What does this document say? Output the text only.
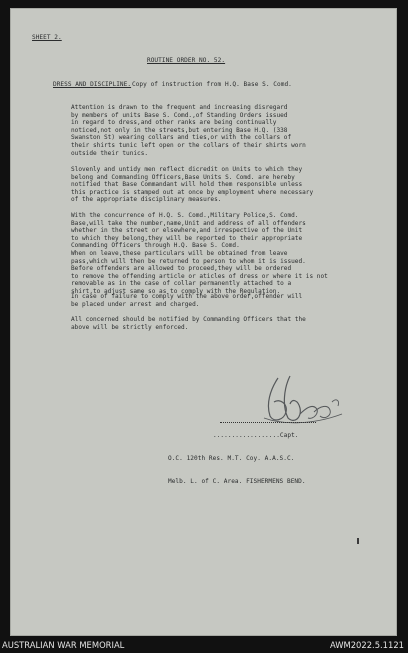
SHEET 2.

ROUTINE ORDER NO. 52.

DRESS AND DISCIPLINE. Copy of instruction from H.Q. Base S. Comd.

Attention is drawn to the frequent and increasing disregard
by members of units Base S. Comd.,of Standing Orders issued
in regard to dress,and other ranks are being continually
noticed,not only in the streets,but entering Base H.Q. (338
Swanston St) wearing collars and ties,or with the collars of
their shirts tunic left open or the collars of their shirts worn
outside their tunics.
Slovenly and untidy men reflect dicredit on Units to which they
belong and Commanding Officers,Base Units S. Comd. are hereby
notified that Base Commandant will hold them responsible unless
this practice is stamped out at once by employment where necessary
of the appropriate disciplinary measures.
With the concurrence of H.Q. S. Comd.,Military Police,S. Comd.
Base,will take the number,name,Unit and address of all offenders
whether in the street or elsewhere,and irrespective of the Unit
to which they belong,they will be reported to their appropriate
Commanding Officers through H.Q. Base S. Comd.
When on leave,these particulars will be obtained from leave
pass,which will then be returned to person to whom it is issued.
Before offenders are allowed to proceed,they will be ordered
to remove the offending article or aticles of dress or where it is not
removable as in the case of collar permanently attached to a
shirt,to adjust same so as to comply with the Regulation.
In case of failure to comply with the above order,offender will
be placed under arrest and charged.
All concerned should be notified by Commanding Officers that the
above will be strictly enforced.

..................Capt.

O.C. 120th Res. M.T. Coy. A.A.S.C.

Melb. L. of C. Area. FISHERMENS BEND.

AUSTRALIAN WAR MEMORIAL	AWM2022.5.1121
